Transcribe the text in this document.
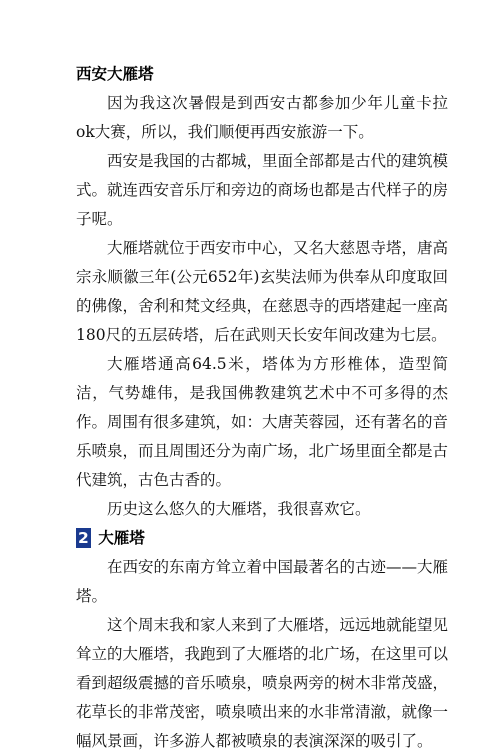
西安大雁塔

因为我这次暑假是到西安古都参加少年儿童卡拉ok大赛，所以，我们顺便再西安旅游一下。

西安是我国的古都城，里面全部都是古代的建筑模式。就连西安音乐厅和旁边的商场也都是古代样子的房子呢。

大雁塔就位于西安市中心，又名大慈恩寺塔，唐高宗永顺徽三年(公元652年)玄奘法师为供奉从印度取回的佛像，舍利和梵文经典，在慈恩寺的西塔建起一座高180尺的五层砖塔，后在武则天长安年间改建为七层。

大雁塔通高64.5米，塔体为方形椎体，造型简洁，气势雄伟，是我国佛教建筑艺术中不可多得的杰作。周围有很多建筑，如：大唐芙蓉园，还有著名的音乐喷泉，而且周围还分为南广场，北广场里面全都是古代建筑，古色古香的。

历史这么悠久的大雁塔，我很喜欢它。

2 大雁塔

在西安的东南方耸立着中国最著名的古迹——大雁塔。

这个周末我和家人来到了大雁塔，远远地就能望见耸立的大雁塔，我跑到了大雁塔的北广场，在这里可以看到超级震撼的音乐喷泉，喷泉两旁的树木非常茂盛，花草长的非常茂密，喷泉喷出来的水非常清澈，就像一幅风景画，许多游人都被喷泉的表演深深的吸引了。
